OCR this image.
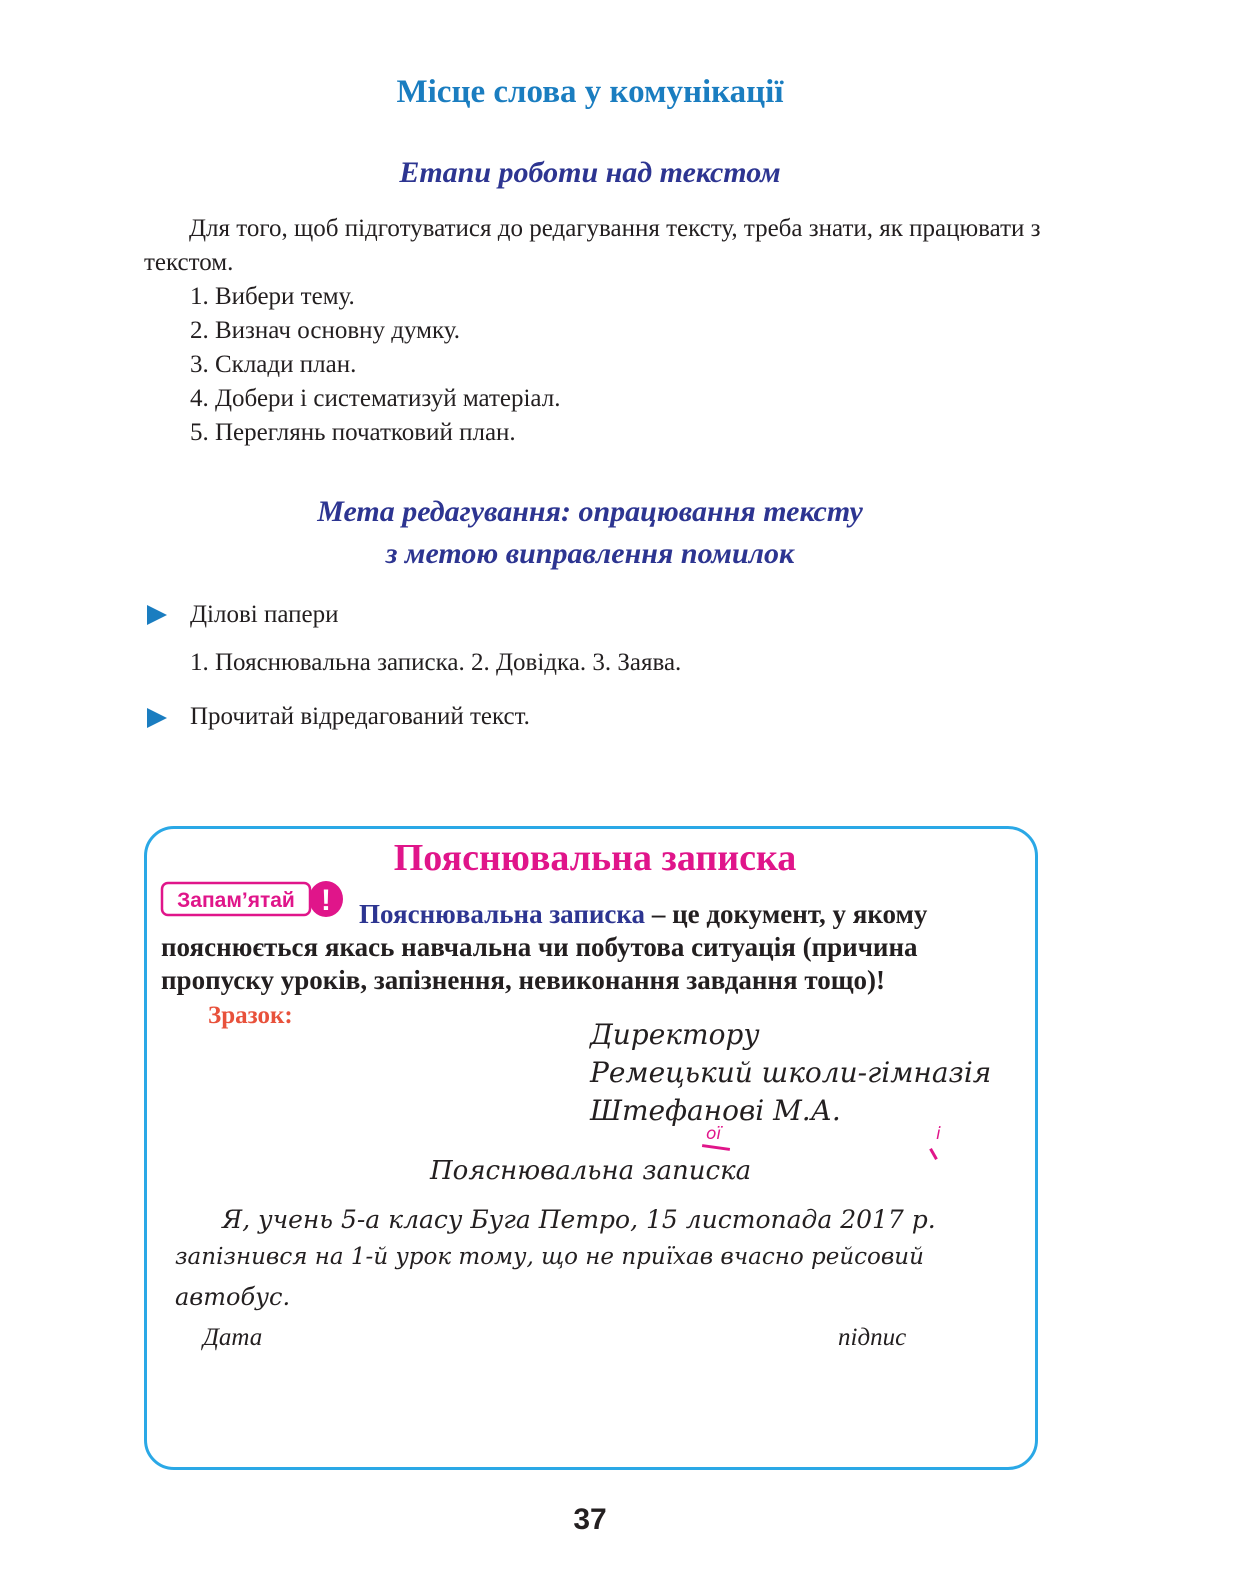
Місце слова у комунікації
Етапи роботи над текстом
Для того, щоб підготуватися до редагування тексту, треба знати, як працювати з текстом.
1. Вибери тему.
2. Визнач основну думку.
3. Склади план.
4. Добери і систематизуй матеріал.
5. Переглянь початковий план.
Мета редагування: опрацювання тексту
з метою виправлення помилок
Ділові папери
1. Пояснювальна записка. 2. Довідка. 3. Заява.
Прочитай відредагований текст.
Пояснювальна записка
Запам’ятай !	Пояснювальна записка – це документ, у якому пояснюється якась навчальна чи побутова ситуація (причина пропуску уроків, запізнення, невиконання завдання тощо)!
Зразок:
Директору
Ремецький школи-гімназія
Штефанові М.А.
ої	і
Пояснювальна записка
Я, учень 5-а класу Буга Петро, 15 листопада 2017 р.
запізнився на 1-й урок тому, що не приїхав вчасно рейсовий
автобус.
Дата	підпис
37
